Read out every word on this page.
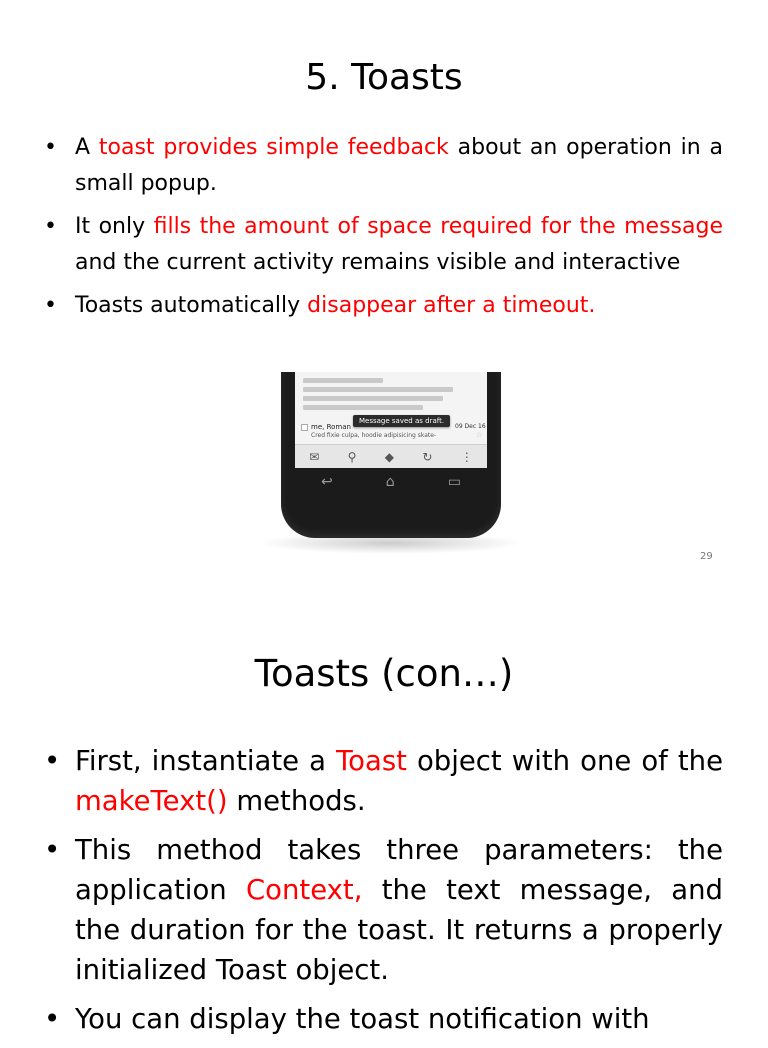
5. Toasts
• A toast provides simple feedback about an operation in a small popup.
• It only fills the amount of space required for the message and the current activity remains visible and interactive
• Toasts automatically disappear after a timeout.
me, Roman	09 Dec 16
Cred fixie culpa, hoodie adipisicing skate-	☆
Message saved as draft.
✉ ⚲ ◆ ↻ ⋮
↩	⌂	▭
29
Toasts (con…)
• First, instantiate a Toast object with one of the makeText() methods.
• This method takes three parameters: the application Context, the text message, and the duration for the toast. It returns a properly initialized Toast object.
• You can display the toast notification with
